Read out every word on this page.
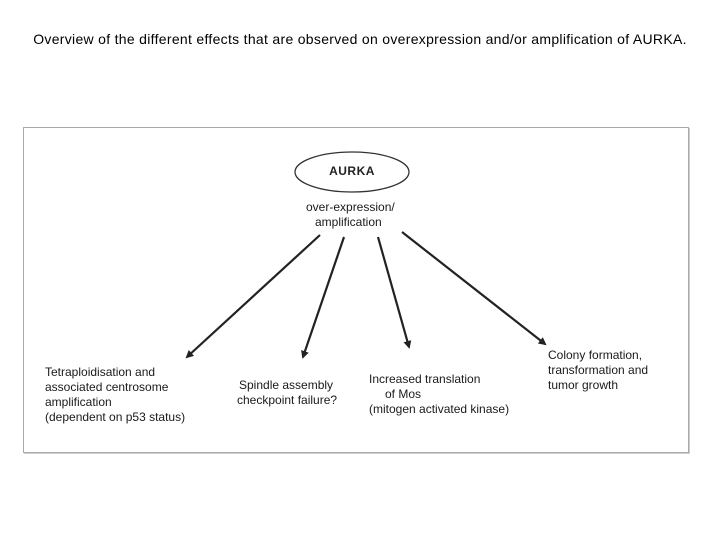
Overview of the different effects that are observed on overexpression and/or amplification of AURKA.
AURKA
over-expression/
amplification
Tetraploidisation and
associated centrosome
amplification
(dependent on p53 status)
Spindle assembly
checkpoint failure?
Increased translation
of Mos
(mitogen activated kinase)
Colony formation,
transformation and
tumor growth
